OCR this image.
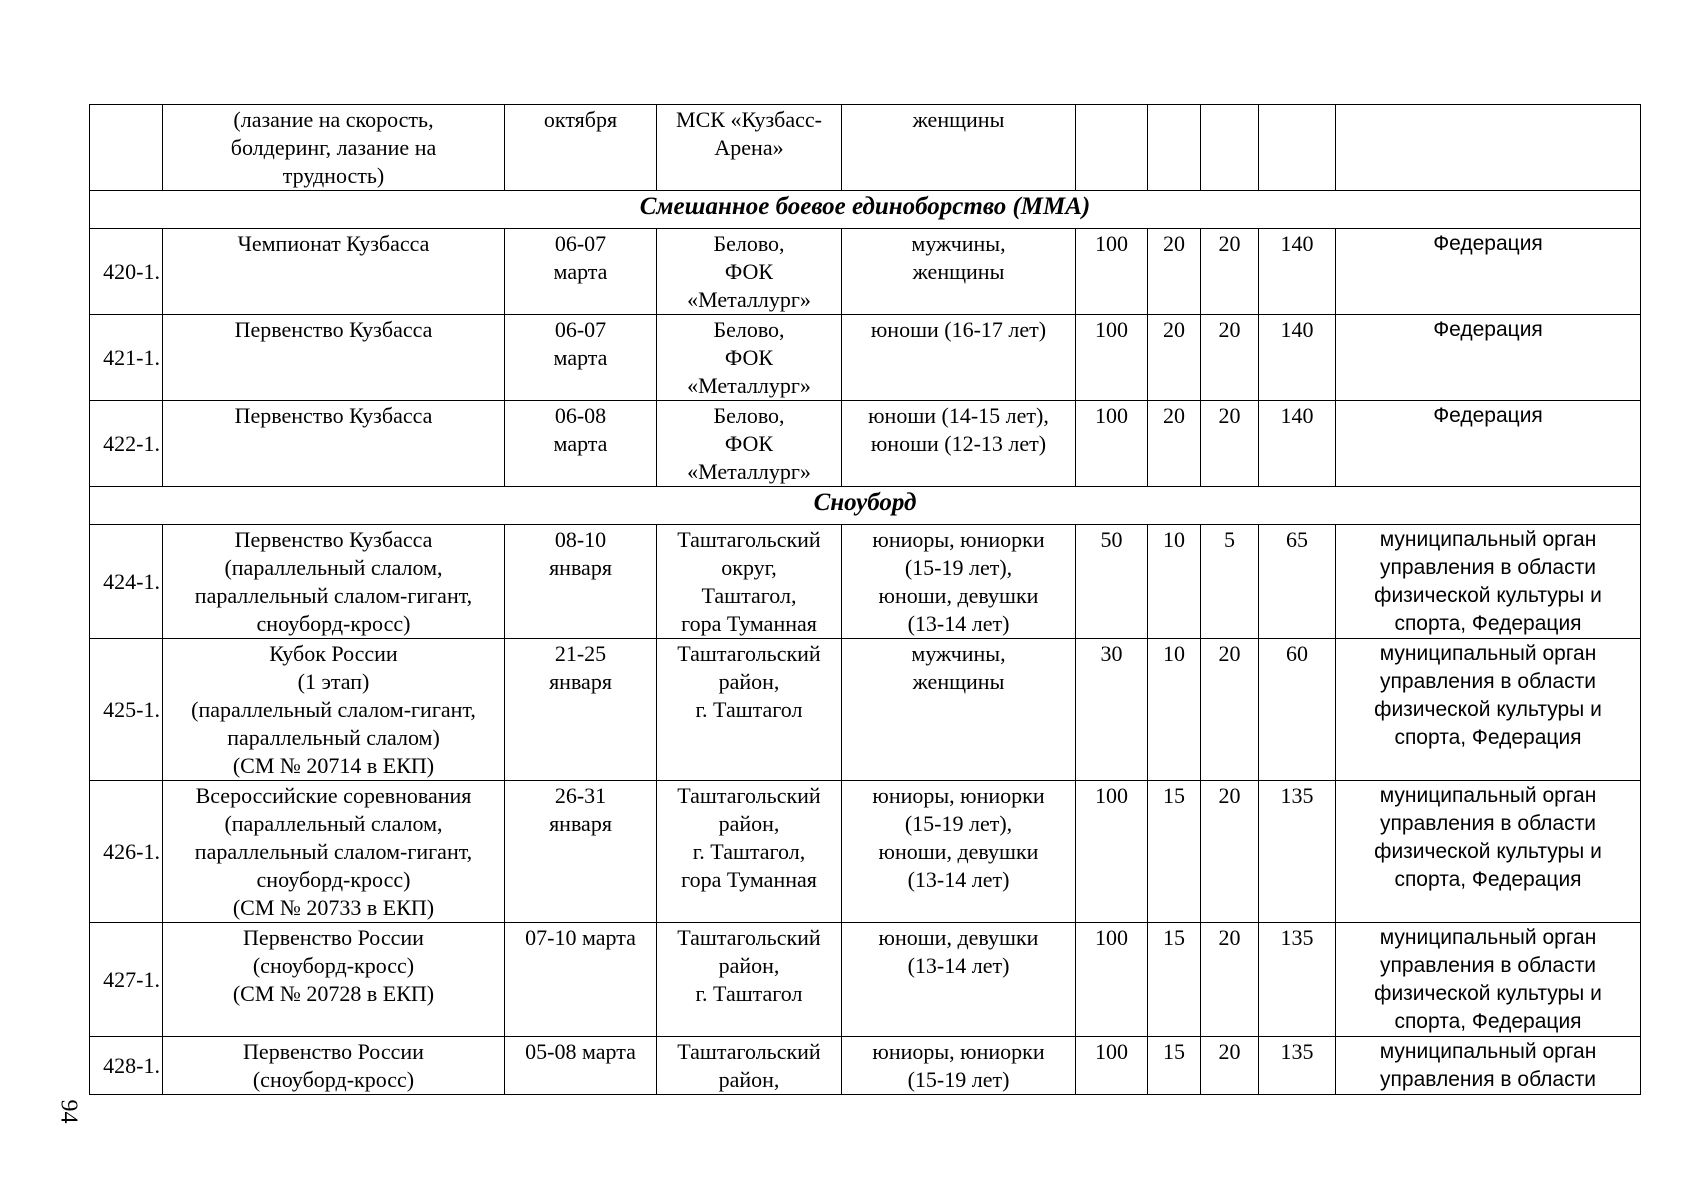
	(лазание на скорость,
болдеринг, лазание на
трудность)	октября	МСК «Кузбасс-
Арена»	женщины					
Смешанное боевое единоборство (ММА)									
420-1.	Чемпионат Кузбасса	06-07
марта	Белово,
ФОК
«Металлург»	мужчины,
женщины	100	20	20	140	Федерация
421-1.	Первенство Кузбасса	06-07
марта	Белово,
ФОК
«Металлург»	юноши (16-17 лет)	100	20	20	140	Федерация
422-1.	Первенство Кузбасса	06-08
марта	Белово,
ФОК
«Металлург»	юноши (14-15 лет),
юноши (12-13 лет)	100	20	20	140	Федерация
Сноуборд									
424-1.	Первенство Кузбасса
(параллельный слалом,
параллельный слалом-гигант,
сноуборд-кросс)	08-10
января	Таштагольский
округ,
Таштагол,
гора Туманная	юниоры, юниорки
(15-19 лет),
юноши, девушки
(13-14 лет)	50	10	5	65	муниципальный орган
управления в области
физической культуры и
спорта, Федерация
425-1.	Кубок России
(1 этап)
(параллельный слалом-гигант,
параллельный слалом)
(СМ № 20714 в ЕКП)	21-25
января	Таштагольский
район,
г. Таштагол	мужчины,
женщины	30	10	20	60	муниципальный орган
управления в области
физической культуры и
спорта, Федерация
426-1.	Всероссийские соревнования
(параллельный слалом,
параллельный слалом-гигант,
сноуборд-кросс)
(СМ № 20733 в ЕКП)	26-31
января	Таштагольский
район,
г. Таштагол,
гора Туманная	юниоры, юниорки
(15-19 лет),
юноши, девушки
(13-14 лет)	100	15	20	135	муниципальный орган
управления в области
физической культуры и
спорта, Федерация
427-1.	Первенство России
(сноуборд-кросс)
(СМ № 20728 в ЕКП)	07-10 марта	Таштагольский
район,
г. Таштагол	юноши, девушки
(13-14 лет)	100	15	20	135	муниципальный орган
управления в области
физической культуры и
спорта, Федерация
428-1.	Первенство России
(сноуборд-кросс)	05-08 марта	Таштагольский
район,	юниоры, юниорки
(15-19 лет)	100	15	20	135	муниципальный орган
управления в области
94
